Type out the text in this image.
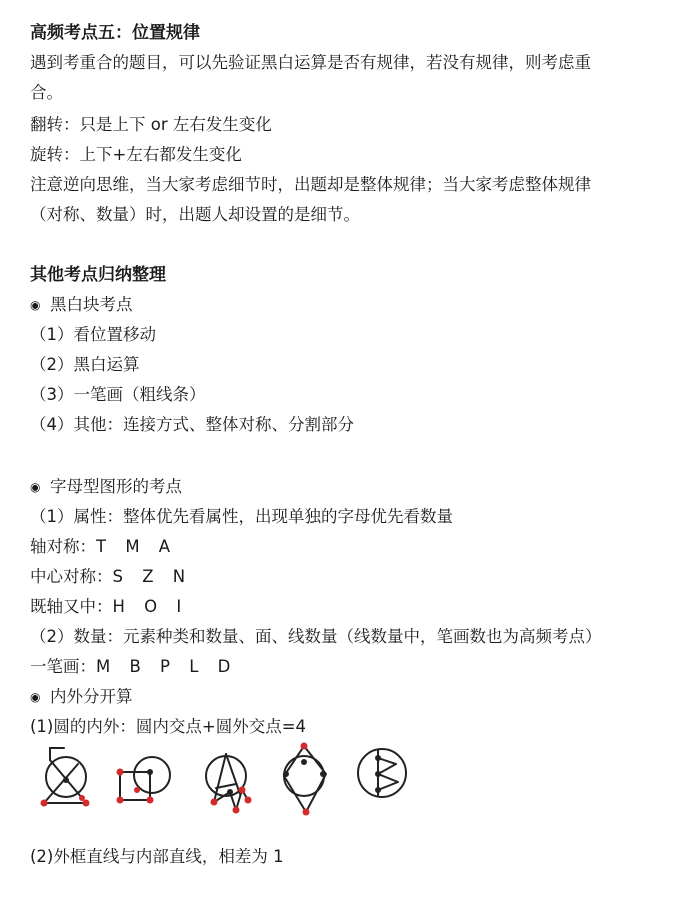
高频考点五：位置规律
遇到考重合的题目，可以先验证黑白运算是否有规律，若没有规律，则考虑重
合。
翻转：只是上下 or 左右发生变化
旋转：上下+左右都发生变化
注意逆向思维，当大家考虑细节时，出题却是整体规律；当大家考虑整体规律
（对称、数量）时，出题人却设置的是细节。
其他考点归纳整理
◉ 黑白块考点
（1）看位置移动
（2）黑白运算
（3）一笔画（粗线条）
（4）其他：连接方式、整体对称、分割部分
◉ 字母型图形的考点
（1）属性：整体优先看属性，出现单独的字母优先看数量
轴对称：T M A
中心对称：S Z N
既轴又中：H O I
（2）数量：元素种类和数量、面、线数量（线数量中，笔画数也为高频考点）
一笔画：M B P L D
◉ 内外分开算
(1)圆的内外：圆内交点+圆外交点=4
(2)外框直线与内部直线，相差为 1
